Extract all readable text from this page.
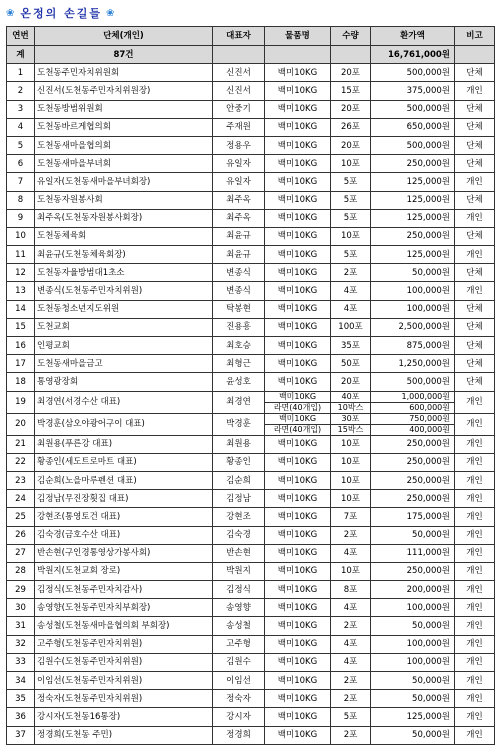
❀ 온정의 손길들 ❀
연번	단체(개인)	대표자	물품명	수량	환가액	비고
계	87건				16,761,000원	
1	도천동주민자치위원회	신진서	백미10KG	20포	500,000원	단체
2	신진서(도천동주민자치위원장)	신진서	백미10KG	15포	375,000원	개인
3	도천동방범위원회	안중기	백미10KG	20포	500,000원	단체
4	도천동바르게협의회	주재원	백미10KG	26포	650,000원	단체
5	도천동새마을협의회	정용우	백미10KG	20포	500,000원	단체
6	도천동새마을부녀회	유일자	백미10KG	10포	250,000원	단체
7	유일자(도천동새마을부녀회장)	유일자	백미10KG	5포	125,000원	개인
8	도천동자원봉사회	최주옥	백미10KG	5포	125,000원	단체
9	최주옥(도천동자원봉사회장)	최주옥	백미10KG	5포	125,000원	개인
10	도천동체육회	최윤규	백미10KG	10포	250,000원	단체
11	최윤규(도천동체육회장)	최윤규	백미10KG	5포	125,000원	개인
12	도천동자율방범대1초소	변종식	백미10KG	2포	50,000원	단체
13	변종식(도천동주민자치위원)	변종식	백미10KG	4포	100,000원	개인
14	도천동청소년지도위원	탁봉현	백미10KG	4포	100,000원	단체
15	도천교회	진용흥	백미10KG	100포	2,500,000원	단체
16	인평교회	최호승	백미10KG	35포	875,000원	단체
17	도천동새마을금고	최형근	백미10KG	50포	1,250,000원	단체
18	통영광장회	윤성호	백미10KG	20포	500,000원	단체
19	최경연(서경수산 대표)	최경연	백미10KG	40포	1,000,000원	개인
			라면(40개입)	10박스	600,000원	
20	박경훈(삼오야광어구이 대표)	박경훈	백미10KG	30포	750,000원	개인
			라면(40개입)	15박스	400,000원	
21	최원용(푸른강 대표)	최원용	백미10KG	10포	250,000원	개인
22	황종인(세도트로마트 대표)	황종인	백미10KG	10포	250,000원	개인
23	김순희(노을마루펜션 대표)	김순희	백미10KG	10포	250,000원	개인
24	김정남(무진장횟집 대표)	김정남	백미10KG	10포	250,000원	개인
25	강현조(통영토건 대표)	강현조	백미10KG	7포	175,000원	개인
26	김숙경(금호수산 대표)	김숙경	백미10KG	2포	50,000원	개인
27	반손현(구인경통영상가봉사회)	반손현	백미10KG	4포	111,000원	개인
28	박원지(도천교회 장로)	박원지	백미10KG	10포	250,000원	개인
29	김정식(도천동주민자치감사)	김정식	백미10KG	8포	200,000원	개인
30	송영향(도천동주민자치부회장)	송영향	백미10KG	4포	100,000원	개인
31	송성철(도천동새마을협의회 부회장)	송성철	백미10KG	2포	50,000원	개인
32	고주형(도천동주민자치위원)	고주형	백미10KG	4포	100,000원	개인
33	김원수(도천동주민자치위원)	김원수	백미10KG	4포	100,000원	개인
34	이임선(도천동주민자치위원)	이임선	백미10KG	2포	50,000원	개인
35	정숙자(도천동주민자치위원)	정숙자	백미10KG	2포	50,000원	개인
36	강시자(도천동16통장)	강시자	백미10KG	5포	125,000원	개인
37	정경희(도천동 주민)	정경희	백미10KG	2포	50,000원	개인
